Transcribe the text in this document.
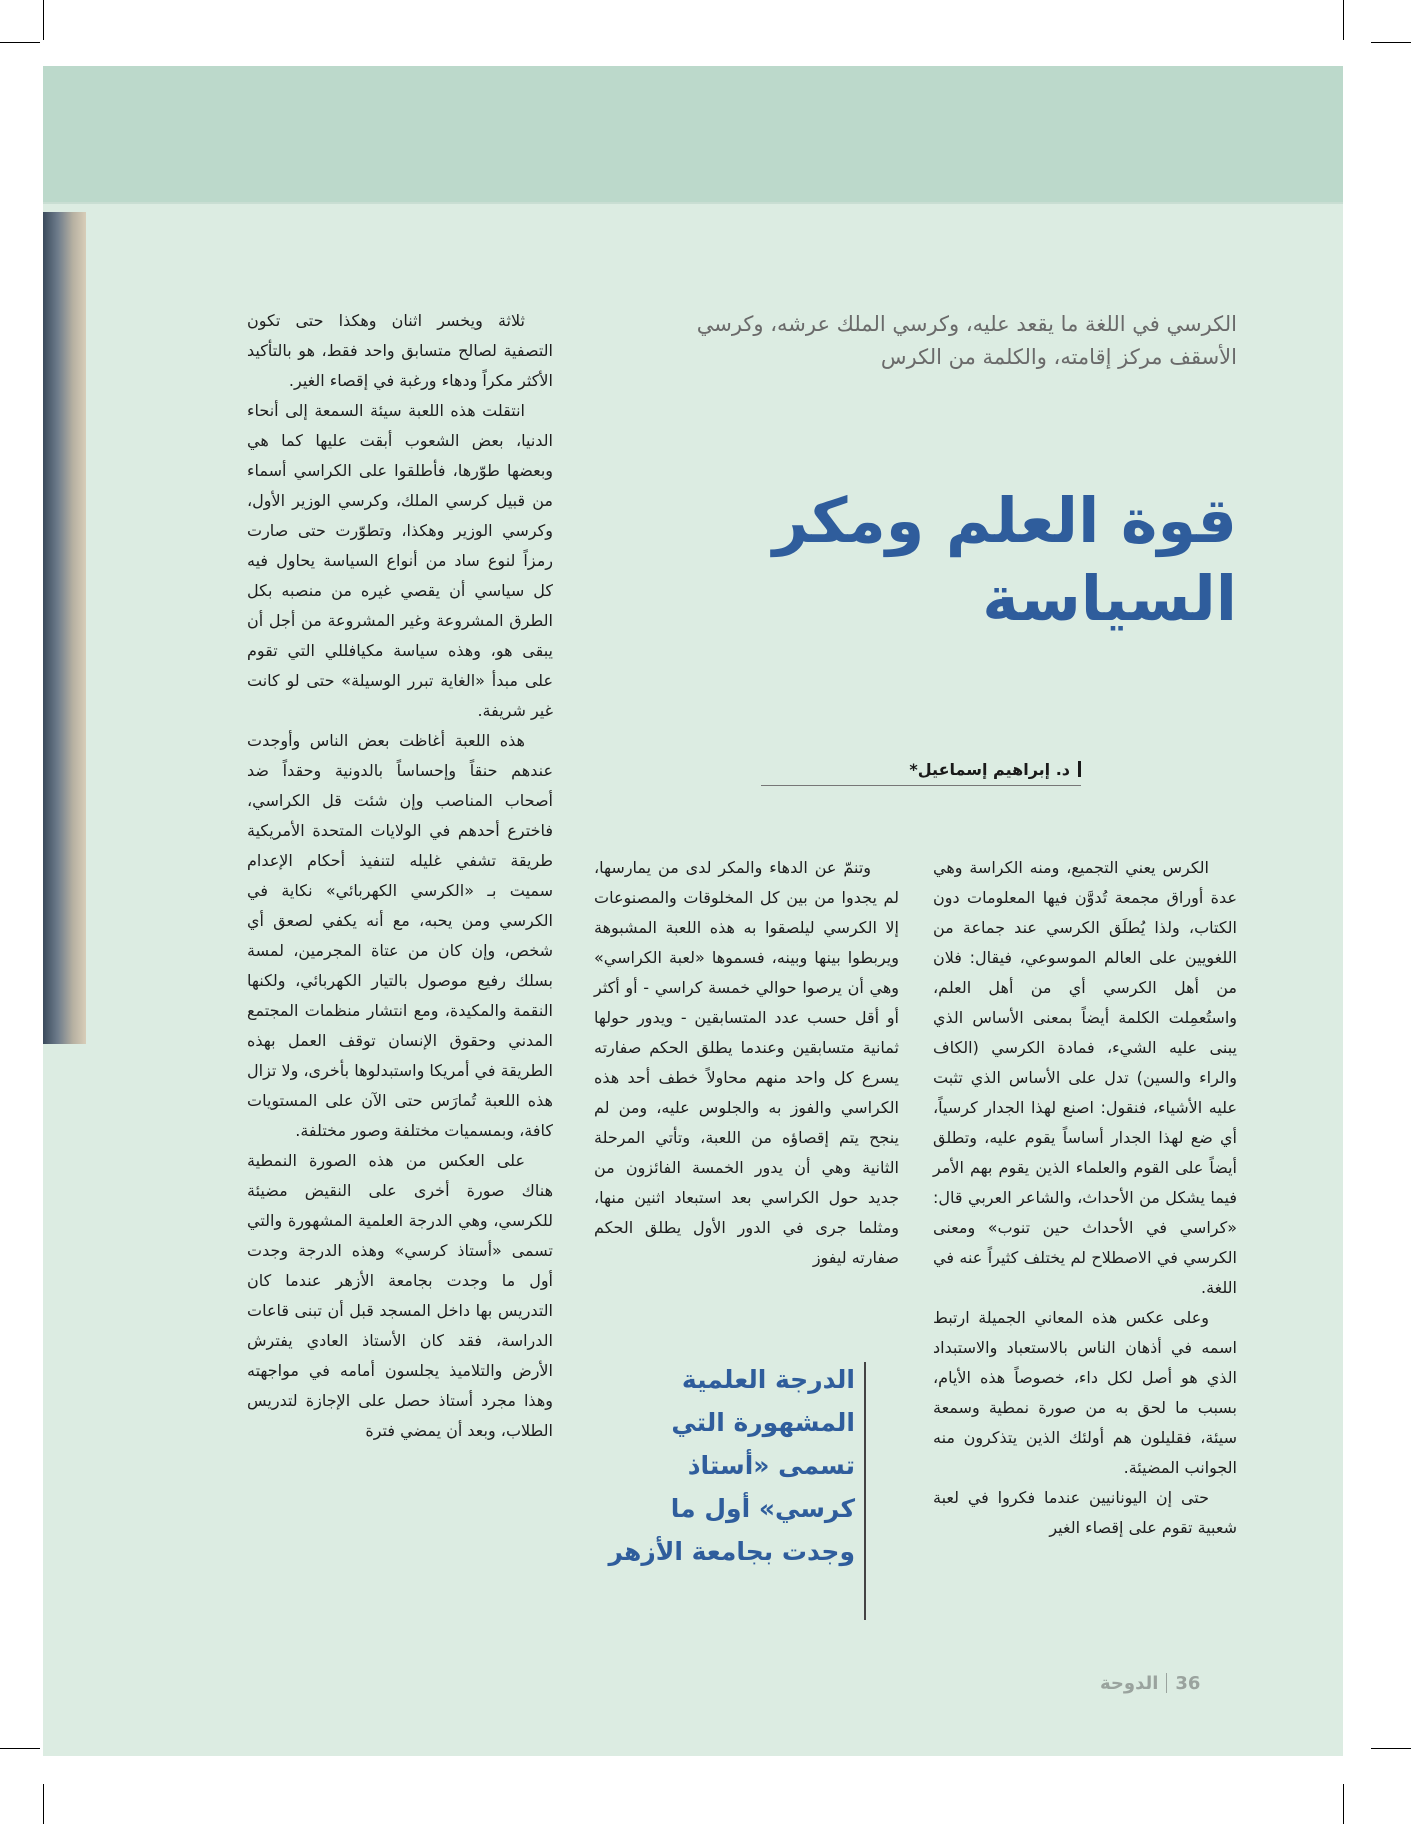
الكرسي في اللغة ما يقعد عليه، وكرسي الملك عرشه، وكرسي الأسقف مركز إقامته، والكلمة من الكرس
قوة العلم ومكر السياسة
د. إبراهيم إسماعيل*

الكرس يعني التجميع، ومنه الكراسة وهي عدة أوراق مجمعة تُدوَّن فيها المعلومات دون الكتاب، ولذا يُطلَق الكرسي عند جماعة من اللغويين على العالم الموسوعي، فيقال: فلان من أهل الكرسي أي من أهل العلم، واستُعمِلت الكلمة أيضاً بمعنى الأساس الذي يبنى عليه الشيء، فمادة الكرسي (الكاف والراء والسين) تدل على الأساس الذي تثبت عليه الأشياء، فنقول: اصنع لهذا الجدار كرسياً، أي ضع لهذا الجدار أساساً يقوم عليه، وتطلق أيضاً على القوم والعلماء الذين يقوم بهم الأمر فيما يشكل من الأحداث، والشاعر العربي قال: «كراسي في الأحداث حين تنوب» ومعنى الكرسي في الاصطلاح لم يختلف كثيراً عنه في اللغة.

وعلى عكس هذه المعاني الجميلة ارتبط اسمه في أذهان الناس بالاستعباد والاستبداد الذي هو أصل لكل داء، خصوصاً هذه الأيام، بسبب ما لحق به من صورة نمطية وسمعة سيئة، فقليلون هم أولئك الذين يتذكرون منه الجوانب المضيئة.

حتى إن اليونانيين عندما فكروا في لعبة شعبية تقوم على إقصاء الغير

وتنمّ عن الدهاء والمكر لدى من يمارسها، لم يجدوا من بين كل المخلوقات والمصنوعات إلا الكرسي ليلصقوا به هذه اللعبة المشبوهة ويربطوا بينها وبينه، فسموها «لعبة الكراسي» وهي أن يرصوا حوالي خمسة كراسي - أو أكثر أو أقل حسب عدد المتسابقين - ويدور حولها ثمانية متسابقين وعندما يطلق الحكم صفارته يسرع كل واحد منهم محاولاً خطف أحد هذه الكراسي والفوز به والجلوس عليه، ومن لم ينجح يتم إقصاؤه من اللعبة، وتأتي المرحلة الثانية وهي أن يدور الخمسة الفائزون من جديد حول الكراسي بعد استبعاد اثنين منها، ومثلما جرى في الدور الأول يطلق الحكم صفارته ليفوز

ثلاثة ويخسر اثنان وهكذا حتى تكون التصفية لصالح متسابق واحد فقط، هو بالتأكيد الأكثر مكراً ودهاء ورغبة في إقصاء الغير.

انتقلت هذه اللعبة سيئة السمعة إلى أنحاء الدنيا، بعض الشعوب أبقت عليها كما هي وبعضها طوّرها، فأطلقوا على الكراسي أسماء من قبيل كرسي الملك، وكرسي الوزير الأول، وكرسي الوزير وهكذا، وتطوّرت حتى صارت رمزاً لنوع ساد من أنواع السياسة يحاول فيه كل سياسي أن يقصي غيره من منصبه بكل الطرق المشروعة وغير المشروعة من أجل أن يبقى هو، وهذه سياسة مكيافللي التي تقوم على مبدأ «الغاية تبرر الوسيلة» حتى لو كانت غير شريفة.

هذه اللعبة أغاظت بعض الناس وأوجدت عندهم حنقاً وإحساساً بالدونية وحقداً ضد أصحاب المناصب وإن شئت قل الكراسي، فاخترع أحدهم في الولايات المتحدة الأمريكية طريقة تشفي غليله لتنفيذ أحكام الإعدام سميت بـ «الكرسي الكهربائي» نكاية في الكرسي ومن يحبه، مع أنه يكفي لصعق أي شخص، وإن كان من عتاة المجرمين، لمسة بسلك رفيع موصول بالتيار الكهربائي، ولكنها النقمة والمكيدة، ومع انتشار منظمات المجتمع المدني وحقوق الإنسان توقف العمل بهذه الطريقة في أمريكا واستبدلوها بأخرى، ولا تزال هذه اللعبة تُمارَس حتى الآن على المستويات كافة، وبمسميات مختلفة وصور مختلفة.

على العكس من هذه الصورة النمطية هناك صورة أخرى على النقيض مضيئة للكرسي، وهي الدرجة العلمية المشهورة والتي تسمى «أستاذ كرسي» وهذه الدرجة وجدت أول ما وجدت بجامعة الأزهر عندما كان التدريس بها داخل المسجد قبل أن تبنى قاعات الدراسة، فقد كان الأستاذ العادي يفترش الأرض والتلاميذ يجلسون أمامه في مواجهته وهذا مجرد أستاذ حصل على الإجازة لتدريس الطلاب، وبعد أن يمضي فترة

الدرجة العلمية المشهورة التي تسمى «أستاذ كرسي» أول ما وجدت بجامعة الأزهر
الدوحة 36
